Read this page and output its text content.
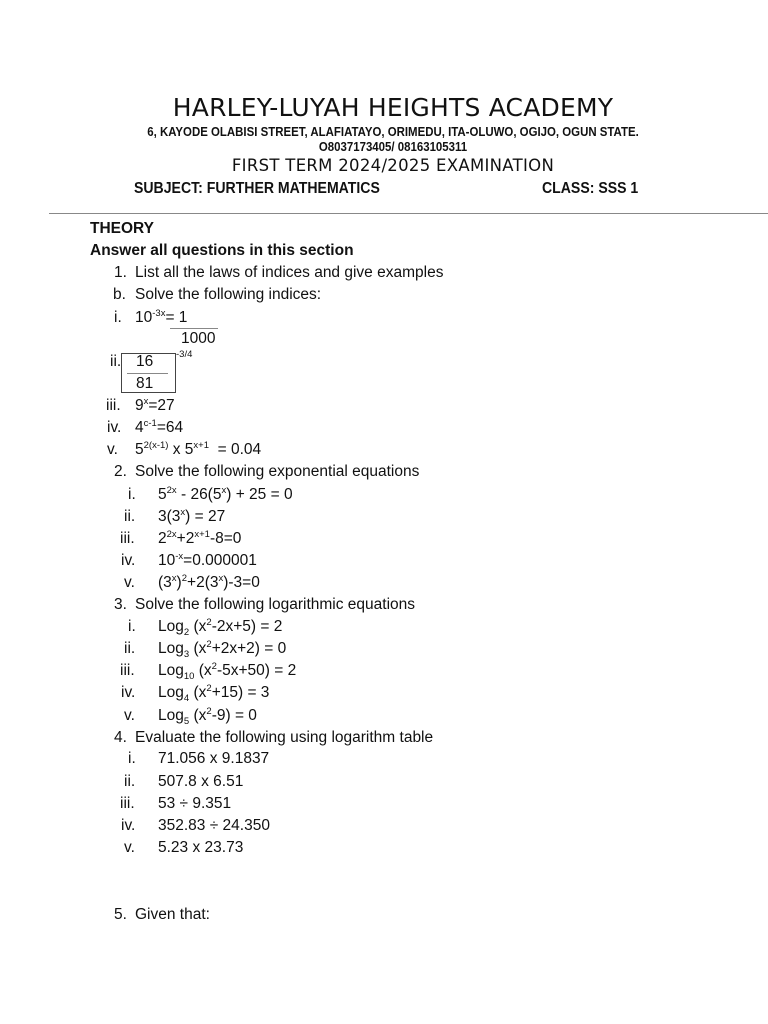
HARLEY-LUYAH HEIGHTS ACADEMY
6, KAYODE OLABISI STREET, ALAFIATAYO, ORIMEDU, ITA-OLUWO, OGIJO, OGUN STATE.
O8037173405/ 08163105311
FIRST TERM 2024/2025 EXAMINATION
SUBJECT: FURTHER MATHEMATICS	CLASS: SSS 1
THEORY
Answer all questions in this section
1. List all the laws of indices and give examples
b. Solve the following indices:
i. $10^{-3x}= 1$
1000
ii. 16
81
-3/4
iii. $9^x=27$
iv. $4^{c-1}=64$
v. $5^{2(x-1)}$ x $5^{x+1} = 0.04$
2. Solve the following exponential equations
i. $5^{2x} - 26(5^x) + 25 = 0$
ii. $3(3^x) = 27$
iii. $2^{2x}+2^{x+1}-8=0$
iv. $10^{-x}=0.000001$
v. $(3^x)^2+2(3^x)-3=0$
3. Solve the following logarithmic equations
i. Log$_2$ $(x^2-2x+5) = 2$
ii. Log$_3$ $(x^2+2x+2) = 0$
iii. Log$_{10}$ $(x^2-5x+50) = 2$
iv. Log$_4$ $(x^2+15) = 3$
v. Log$_5$ $(x^2-9) = 0$
4. Evaluate the following using logarithm table
i. 71.056 x 9.1837
ii. 507.8 x 6.51
iii. 53 ÷ 9.351
iv. 352.83 ÷ 24.350
v. 5.23 x 23.73
5. Given that:
